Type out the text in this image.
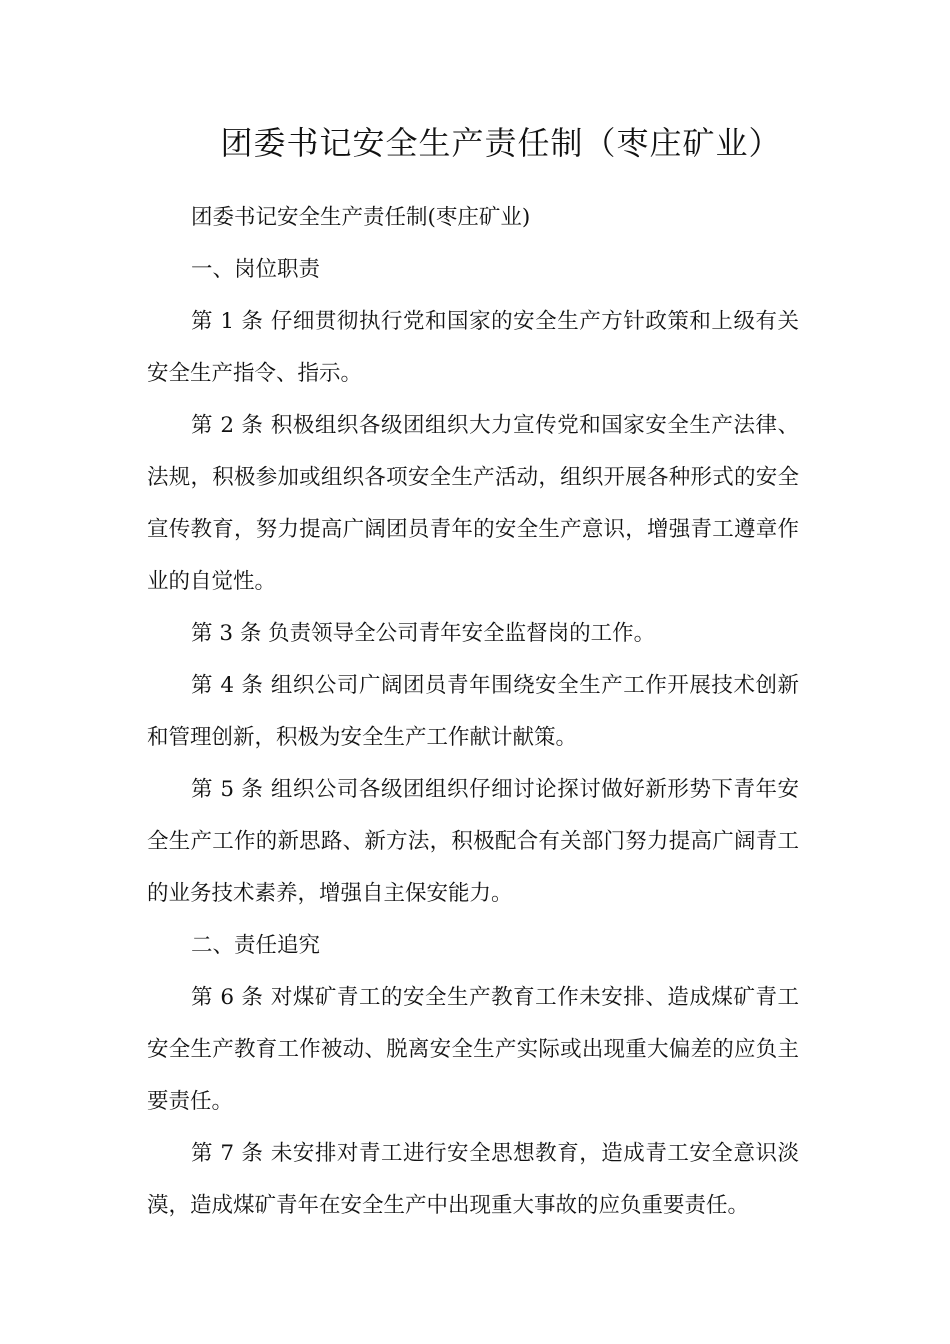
团委书记安全生产责任制（枣庄矿业）

团委书记安全生产责任制(枣庄矿业)

一、岗位职责

第 1 条 仔细贯彻执行党和国家的安全生产方针政策和上级有关安全生产指令、指示。

第 2 条 积极组织各级团组织大力宣传党和国家安全生产法律、法规，积极参加或组织各项安全生产活动，组织开展各种形式的安全宣传教育，努力提高广阔团员青年的安全生产意识，增强青工遵章作业的自觉性。

第 3 条 负责领导全公司青年安全监督岗的工作。

第 4 条 组织公司广阔团员青年围绕安全生产工作开展技术创新和管理创新，积极为安全生产工作献计献策。

第 5 条 组织公司各级团组织仔细讨论探讨做好新形势下青年安全生产工作的新思路、新方法，积极配合有关部门努力提高广阔青工的业务技术素养，增强自主保安能力。

二、责任追究

第 6 条 对煤矿青工的安全生产教育工作未安排、造成煤矿青工安全生产教育工作被动、脱离安全生产实际或出现重大偏差的应负主要责任。

第 7 条 未安排对青工进行安全思想教育，造成青工安全意识淡漠，造成煤矿青年在安全生产中出现重大事故的应负重要责任。
